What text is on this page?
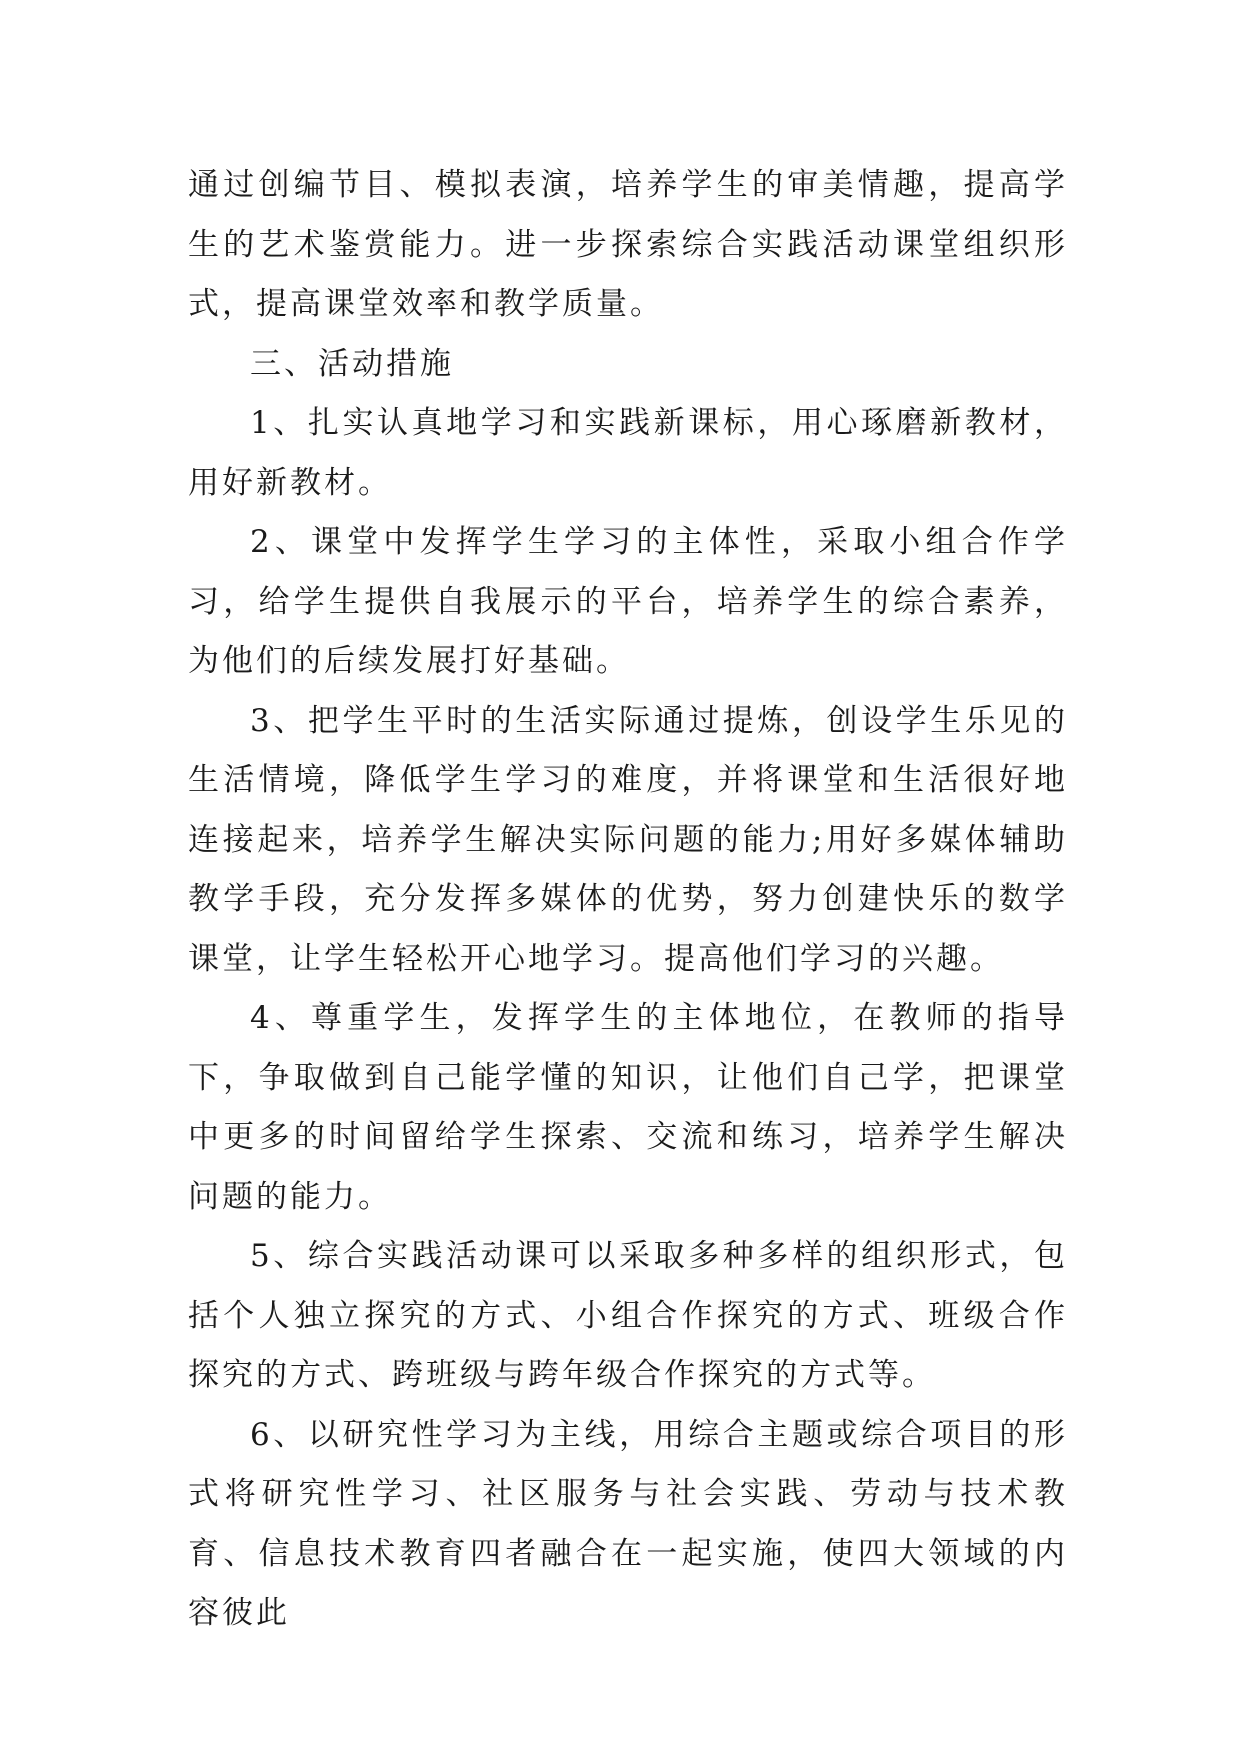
通过创编节目、模拟表演，培养学生的审美情趣，提高学生的艺术鉴赏能力。进一步探索综合实践活动课堂组织形式，提高课堂效率和教学质量。

三、活动措施

1、扎实认真地学习和实践新课标，用心琢磨新教材，用好新教材。

2、课堂中发挥学生学习的主体性，采取小组合作学习，给学生提供自我展示的平台，培养学生的综合素养，为他们的后续发展打好基础。

3、把学生平时的生活实际通过提炼，创设学生乐见的生活情境，降低学生学习的难度，并将课堂和生活很好地连接起来，培养学生解决实际问题的能力;用好多媒体辅助教学手段，充分发挥多媒体的优势，努力创建快乐的数学课堂，让学生轻松开心地学习。提高他们学习的兴趣。

4、尊重学生，发挥学生的主体地位，在教师的指导下，争取做到自己能学懂的知识，让他们自己学，把课堂中更多的时间留给学生探索、交流和练习，培养学生解决问题的能力。

5、综合实践活动课可以采取多种多样的组织形式，包括个人独立探究的方式、小组合作探究的方式、班级合作探究的方式、跨班级与跨年级合作探究的方式等。

6、以研究性学习为主线，用综合主题或综合项目的形式将研究性学习、社区服务与社会实践、劳动与技术教育、信息技术教育四者融合在一起实施，使四大领域的内容彼此
